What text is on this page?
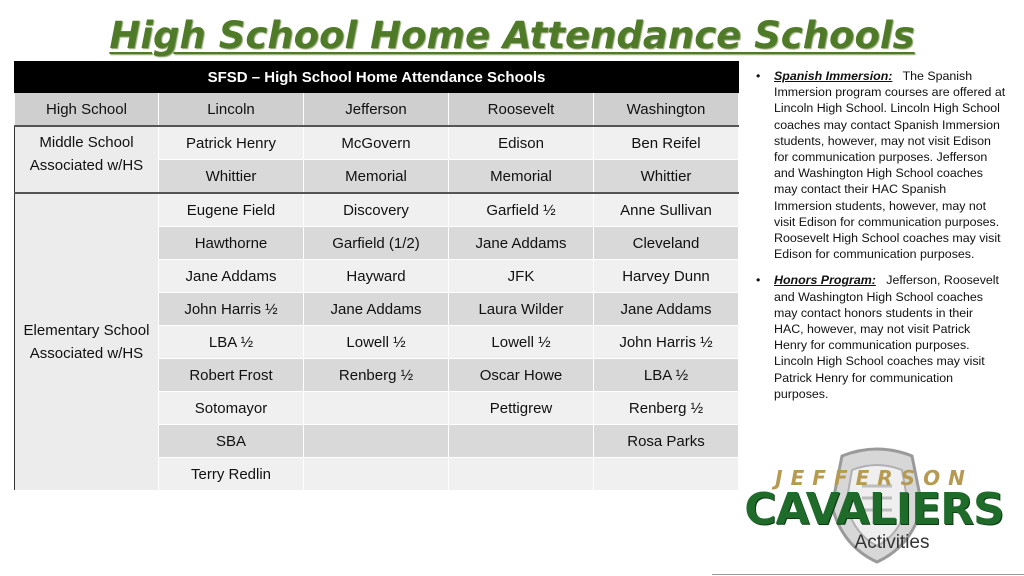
High School Home Attendance Schools
SFSD – High School Home Attendance Schools				
High School	Lincoln	Jefferson	Roosevelt	Washington
Middle School Associated w/HS	Patrick Henry	McGovern	Edison	Ben Reifel
	Whittier	Memorial	Memorial	Whittier
Elementary School Associated w/HS	Eugene Field	Discovery	Garfield ½	Anne Sullivan
	Hawthorne	Garfield (1/2)	Jane Addams	Cleveland
	Jane Addams	Hayward	JFK	Harvey Dunn
	John Harris ½	Jane Addams	Laura Wilder	Jane Addams
	LBA ½	Lowell ½	Lowell ½	John Harris ½
	Robert Frost	Renberg ½	Oscar Howe	LBA ½
	Sotomayor		Pettigrew	Renberg ½
	SBA			Rosa Parks
	Terry Redlin			
• Spanish Immersion: The Spanish Immersion program courses are offered at Lincoln High School. Lincoln High School coaches may contact Spanish Immersion students, however, may not visit Edison for communication purposes. Jefferson and Washington High School coaches may contact their HAC Spanish Immersion students, however, may not visit Edison for communication purposes. Roosevelt High School coaches may visit Edison for communication purposes.
• Honors Program: Jefferson, Roosevelt and Washington High School coaches may contact honors students in their HAC, however, may not visit Patrick Henry for communication purposes. Lincoln High School coaches may visit Patrick Henry for communication purposes.
JEFFERSON
CAVALIERS
Activities
